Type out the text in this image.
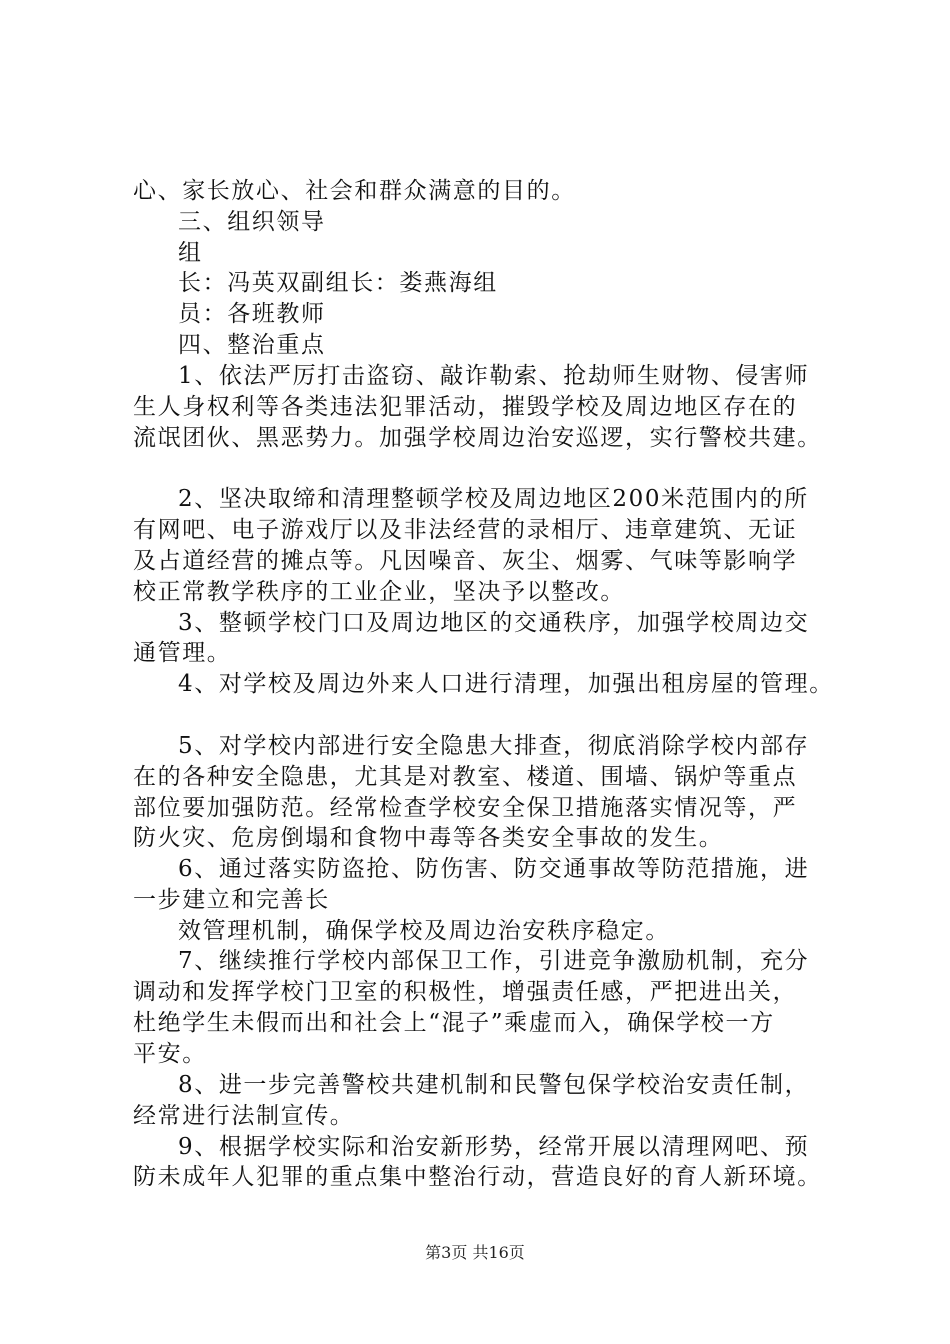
心、家长放心、社会和群众满意的目的。
三、组织领导
组
长：冯英双副组长：娄燕海组
员：各班教师
四、整治重点
1、依法严厉打击盗窃、敲诈勒索、抢劫师生财物、侵害师
生人身权利等各类违法犯罪活动，摧毁学校及周边地区存在的
流氓团伙、黑恶势力。加强学校周边治安巡逻，实行警校共建。
2、坚决取缔和清理整顿学校及周边地区200米范围内的所
有网吧、电子游戏厅以及非法经营的录相厅、违章建筑、无证
及占道经营的摊点等。凡因噪音、灰尘、烟雾、气味等影响学
校正常教学秩序的工业企业，坚决予以整改。
3、整顿学校门口及周边地区的交通秩序，加强学校周边交
通管理。
4、对学校及周边外来人口进行清理，加强出租房屋的管理。
5、对学校内部进行安全隐患大排查，彻底消除学校内部存
在的各种安全隐患，尤其是对教室、楼道、围墙、锅炉等重点
部位要加强防范。经常检查学校安全保卫措施落实情况等，严
防火灾、危房倒塌和食物中毒等各类安全事故的发生。
6、通过落实防盗抢、防伤害、防交通事故等防范措施，进
一步建立和完善长
效管理机制，确保学校及周边治安秩序稳定。
7、继续推行学校内部保卫工作，引进竞争激励机制，充分
调动和发挥学校门卫室的积极性，增强责任感，严把进出关，
杜绝学生未假而出和社会上“混子”乘虚而入，确保学校一方
平安。
8、进一步完善警校共建机制和民警包保学校治安责任制，
经常进行法制宣传。
9、根据学校实际和治安新形势，经常开展以清理网吧、预
防未成年人犯罪的重点集中整治行动，营造良好的育人新环境。
第3页 共16页
